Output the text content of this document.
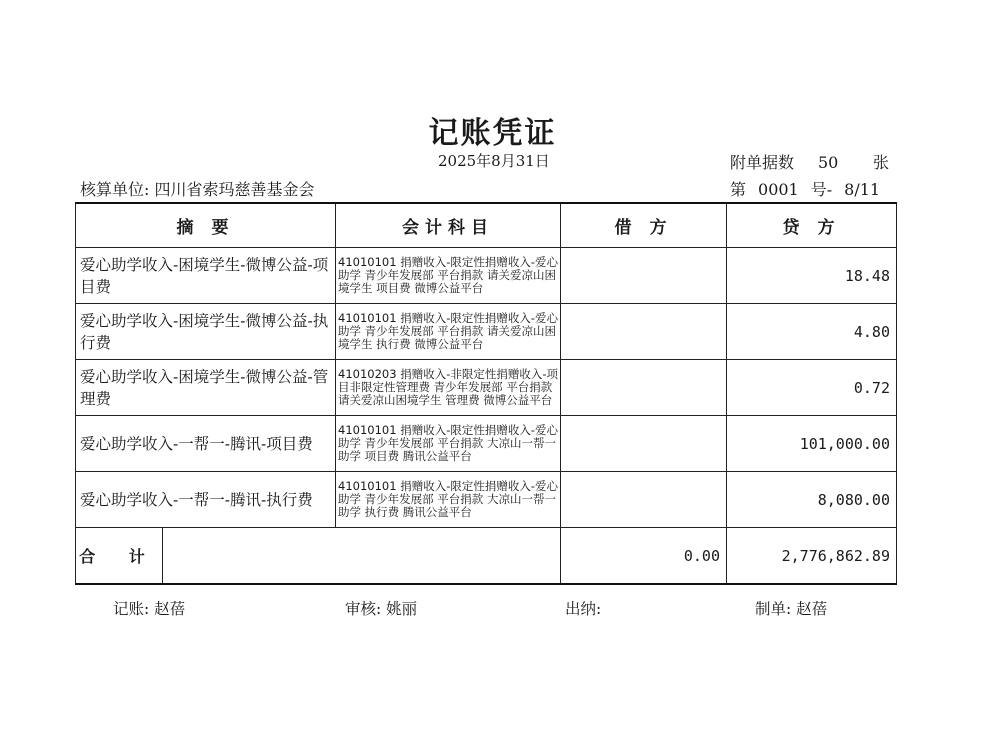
记账凭证
2025年8月31日	附单据数 50 张
核算单位: 四川省索玛慈善基金会	第 0001 号- 8/11
摘 要	会计科目	借 方	贷 方
爱心助学收入-困境学生-微博公益-项目费	41010101 捐赠收入-限定性捐赠收入-爱心助学 青少年发展部 平台捐款 请关爱凉山困境学生 项目费 微博公益平台		18.48
爱心助学收入-困境学生-微博公益-执行费	41010101 捐赠收入-限定性捐赠收入-爱心助学 青少年发展部 平台捐款 请关爱凉山困境学生 执行费 微博公益平台		4.80
爱心助学收入-困境学生-微博公益-管理费	41010203 捐赠收入-非限定性捐赠收入-项目非限定性管理费 青少年发展部 平台捐款 请关爱凉山困境学生 管理费 微博公益平台		0.72
爱心助学收入-一帮一-腾讯-项目费	41010101 捐赠收入-限定性捐赠收入-爱心助学 青少年发展部 平台捐款 大凉山一帮一助学 项目费 腾讯公益平台		101,000.00
爱心助学收入-一帮一-腾讯-执行费	41010101 捐赠收入-限定性捐赠收入-爱心助学 青少年发展部 平台捐款 大凉山一帮一助学 执行费 腾讯公益平台		8,080.00

合 计		0.00	2,776,862.89
记账: 赵蓓	审核: 姚丽	出纳:	制单: 赵蓓
